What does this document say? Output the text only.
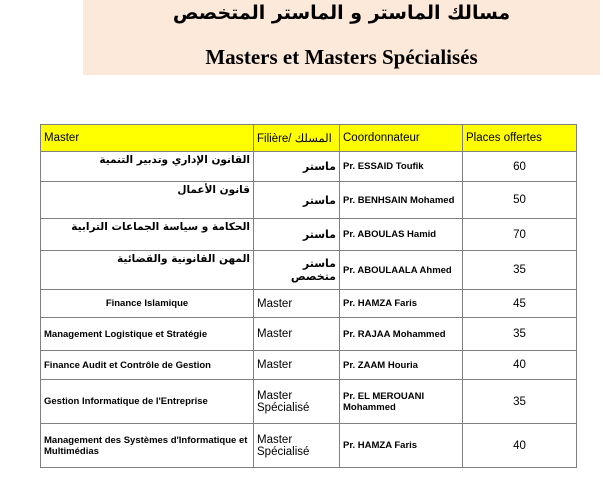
مسالك الماستر و الماستر المتخصص
Masters et Masters Spécialisés
Master	Filière/ المسلك	Coordonnateur	Places offertes
القانون الإداري وتدبير التنمية	ماستر	Pr. ESSAID Toufik	60
قانون الأعمال	ماستر	Pr. BENHSAIN Mohamed	50
الحكامة و سياسة الجماعات الترابية	ماستر	Pr. ABOULAS Hamid	70
المهن القانونية والقضائية	ماستر متخصص	Pr. ABOULAALA Ahmed	35
Finance Islamique	Master	Pr. HAMZA Faris	45
Management Logistique et Stratégie	Master	Pr. RAJAA Mohammed	35
Finance Audit et Contrôle de Gestion	Master	Pr. ZAAM Houria	40
Gestion Informatique de l'Entreprise	Master Spécialisé	Pr. EL MEROUANI Mohammed	35
Management des Systèmes d'Informatique et Multimédias	Master Spécialisé	Pr. HAMZA Faris	40
